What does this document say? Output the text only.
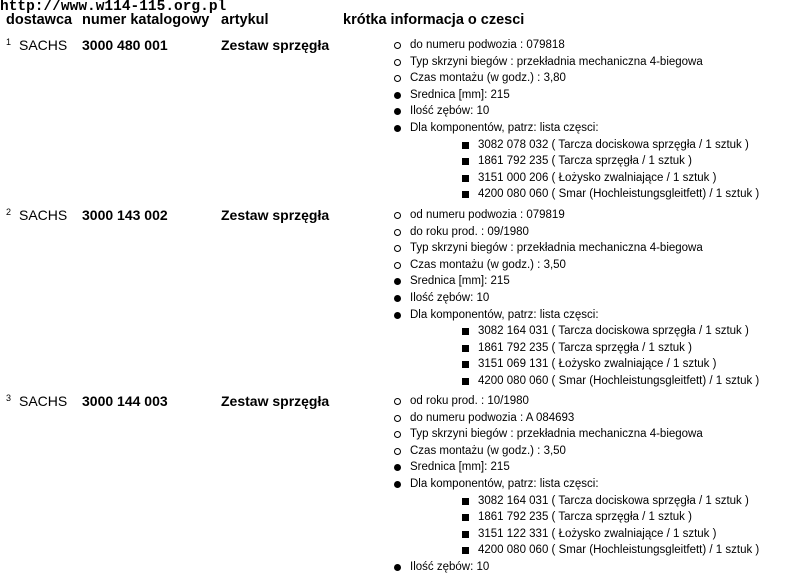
http://www.w114-115.org.pl
dostawca numer katalogowy artykul	krótka informacja o czesci
1 SACHS 3000 480 001	Zestaw sprzęgła	do numeru podwozia : 079818
Typ skrzyni biegów : przekładnia mechaniczna 4-biegowa
Czas montażu (w godz.) : 3,80
Srednica [mm]: 215
Ilość zębów: 10
Dla komponentów, patrz: lista częsci:
3082 078 032 ( Tarcza dociskowa sprzęgła / 1 sztuk )
1861 792 235 ( Tarcza sprzęgła / 1 sztuk )
3151 000 206 ( Łożysko zwalniające / 1 sztuk )
4200 080 060 ( Smar (Hochleistungsgleitfett) / 1 sztuk )
2 SACHS 3000 143 002	Zestaw sprzęgła	od numeru podwozia : 079819
do roku prod. : 09/1980
Typ skrzyni biegów : przekładnia mechaniczna 4-biegowa
Czas montażu (w godz.) : 3,50
Srednica [mm]: 215
Ilość zębów: 10
Dla komponentów, patrz: lista częsci:
3082 164 031 ( Tarcza dociskowa sprzęgła / 1 sztuk )
1861 792 235 ( Tarcza sprzęgła / 1 sztuk )
3151 069 131 ( Łożysko zwalniające / 1 sztuk )
4200 080 060 ( Smar (Hochleistungsgleitfett) / 1 sztuk )
3 SACHS 3000 144 003	Zestaw sprzęgła	od roku prod. : 10/1980
do numeru podwozia : A 084693
Typ skrzyni biegów : przekładnia mechaniczna 4-biegowa
Czas montażu (w godz.) : 3,50
Srednica [mm]: 215
Dla komponentów, patrz: lista częsci:
3082 164 031 ( Tarcza dociskowa sprzęgła / 1 sztuk )
1861 792 235 ( Tarcza sprzęgła / 1 sztuk )
3151 122 331 ( Łożysko zwalniające / 1 sztuk )
4200 080 060 ( Smar (Hochleistungsgleitfett) / 1 sztuk )
Ilość zębów: 10
